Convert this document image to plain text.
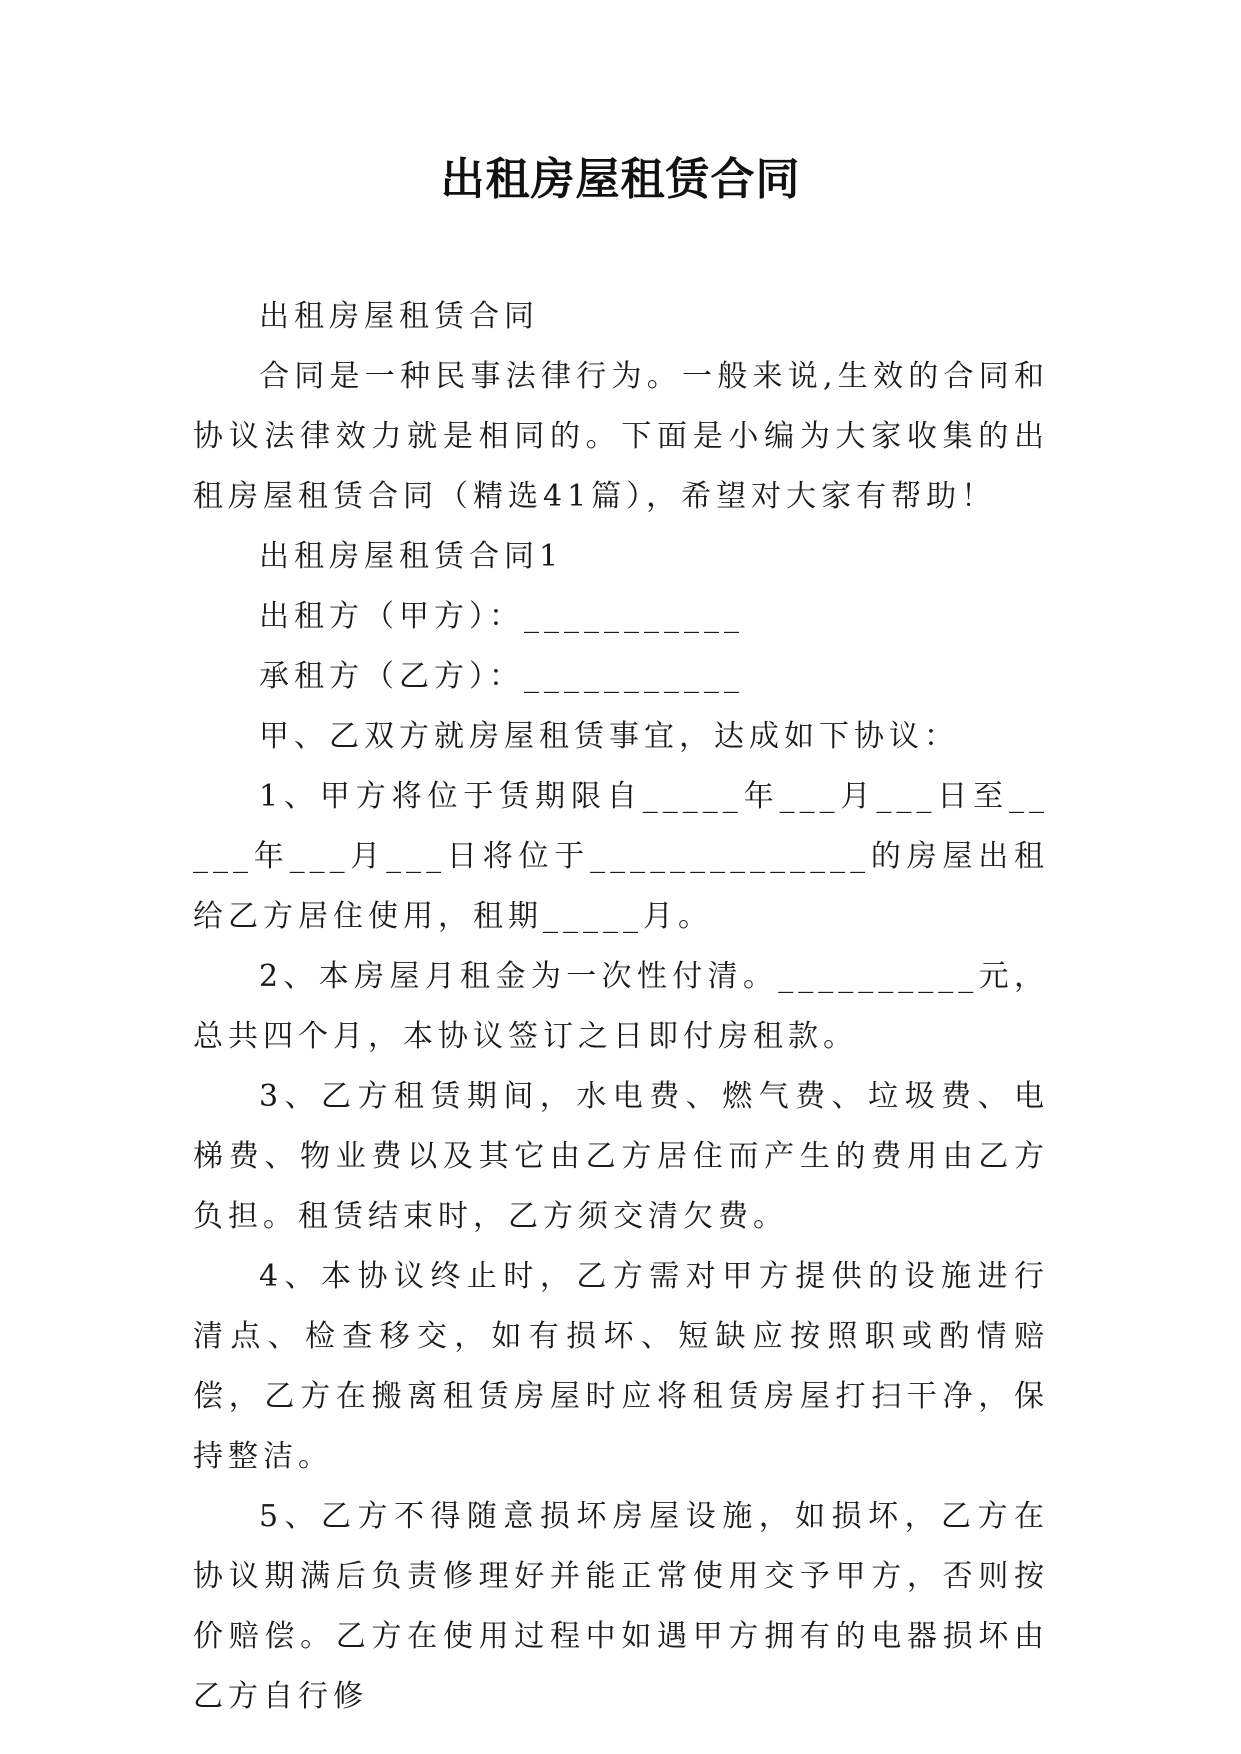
出租房屋租赁合同

出租房屋租赁合同

合同是一种民事法律行为。一般来说,生效的合同和协议法律效力就是相同的。下面是小编为大家收集的出租房屋租赁合同（精选41篇），希望对大家有帮助！

出租房屋租赁合同1

出租方（甲方）：___________

承租方（乙方）：___________

甲、乙双方就房屋租赁事宜，达成如下协议：

1、甲方将位于赁期限自_____年___月___日至_____年___月___日将位于______________的房屋出租给乙方居住使用，租期_____月。

2、本房屋月租金为一次性付清。__________元，总共四个月，本协议签订之日即付房租款。

3、乙方租赁期间，水电费、燃气费、垃圾费、电梯费、物业费以及其它由乙方居住而产生的费用由乙方负担。租赁结束时，乙方须交清欠费。

4、本协议终止时，乙方需对甲方提供的设施进行清点、检查移交，如有损坏、短缺应按照职或酌情赔偿，乙方在搬离租赁房屋时应将租赁房屋打扫干净，保持整洁。

5、乙方不得随意损坏房屋设施，如损坏，乙方在协议期满后负责修理好并能正常使用交予甲方，否则按价赔偿。乙方在使用过程中如遇甲方拥有的电器损坏由乙方自行修
